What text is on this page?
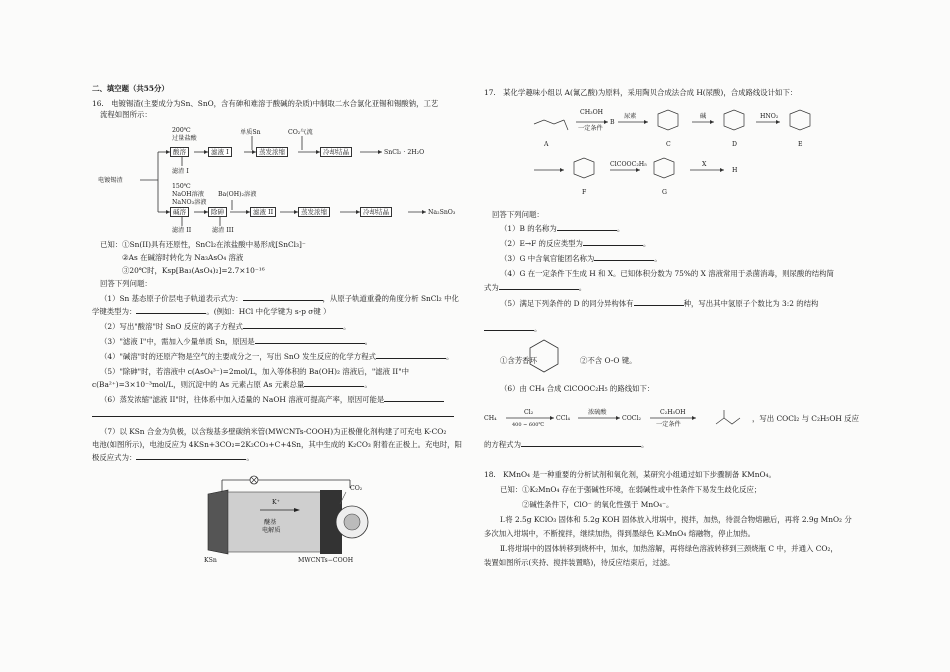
二、填空题（共55分）
16.　电镀锡渣(主要成分为Sn、SnO，含有砷和难溶于酸碱的杂质)中制取二水合氯化亚锡和锡酸钠，工艺
流程如图所示：
电镀锡渣
200℃
过量盐酸
酸溶	滤液 I
滤渣 I
单质Sn	CO₂气流
蒸发浓缩	冷却结晶	SnCl₂ · 2H₂O
150℃
NaOH溶液
NaNO₃溶液
Ba(OH)₂溶液
碱溶	除砷	滤液 II	蒸发浓缩	冷却结晶	Na₂SnO₃
滤渣 II	滤渣 III
已知：①Sn(II)具有还原性，SnCl₂在浓盐酸中易形成[SnCl₃]⁻
②As 在碱溶时转化为 Na₃AsO₄ 溶液
③20℃时，Ksp[Ba₃(AsO₄)₂]=2.7×10⁻¹⁶
回答下列问题：
（1）Sn 基态原子价层电子轨道表示式为：	，从原子轨道重叠的角度分析 SnCl₂ 中化
学键类型为：	。(例如：HCl 中化学键为 s-p σ键 ）
（2）写出"酸溶"时 SnO 反应的离子方程式	。
（3）"滤液 I"中，需加入少量单质 Sn，原因是	。
（4）"碱溶"时的还原产物是空气的主要成分之一，写出 SnO 发生反应的化学方程式	。
（5）"除砷"时，若溶液中 c(AsO₄³⁻)=2mol/L，加入等体积的 Ba(OH)₂ 溶液后，"滤液 II"中
c(Ba²⁺)=3×10⁻³mol/L，则沉淀中的 As 元素占原 As 元素总量	。
（6）蒸发浓缩"滤液 II"时，往体系中加入适量的 NaOH 溶液可提高产率，原因可能是
（7）以 KSn 合金为负极，以含羧基多壁碳纳米管(MWCNTs-COOH)为正极催化剂构建了可充电 K-CO₂
电池(如图所示)，电池反应为 4KSn+3CO₂=2K₂CO₃+C+4Sn，其中生成的 K₂CO₃ 附着在正极上。充电时，阳
极反应式为：	。
K⁺
醚基
电解质
CO₂
KSn	MWCNTs−COOH
17.　某化学趣味小组以 A(氰乙酸)为原料，采用陶贝合成法合成 H(尿酸)，合成路线设计如下：
CH₃OH
一定条件
B
尿素	碱	HNO₂
ClCOOC₂H₅	X
A	C	D	E
F	G
H
回答下列问题：
（1）B 的名称为	。
（2）E→F 的反应类型为	。
（3）G 中含氧官能团名称为	。
（4）G 在一定条件下生成 H 和 X。已知体积分数为 75%的 X 溶液常用于杀菌消毒，则尿酸的结构简
式为	。
（5）满足下列条件的 D 的同分异构体有	种，写出其中氢原子个数比为 3:2 的结构
。
①含芳香环	②不含 O-O 键。
（6）由 CH₄ 合成 ClCOOC₂H₅ 的路线如下：
CH₄
Cl₂
400 ~ 600℃
CCl₄
浓硫酸
COCl₂
C₂H₅OH
一定条件
，写出 COCl₂ 与 C₂H₅OH 反应
的方程式为	。
18.　KMnO₄ 是一种重要的分析试剂和氧化剂，某研究小组通过如下步骤制备 KMnO₄。
已知：①K₂MnO₄ 存在于强碱性环境，在弱碱性或中性条件下易发生歧化反应；
②碱性条件下，ClO⁻ 的氧化性强于 MnO₄⁻。
Ⅰ.将 2.5g KClO₃ 固体和 5.2g KOH 固体放入坩埚中，搅拌，加热，待混合物熔融后，再将 2.9g MnO₂ 分
多次加入坩埚中，不断搅拌，继续加热，得到墨绿色 K₂MnO₄ 熔融物，停止加热。
Ⅱ.将坩埚中的固体转移到烧杯中，加水，加热溶解，再将绿色溶液转移到三颈烧瓶 C 中，并通入 CO₂，
装置如图所示(夹持、搅拌装置略)，待反应结束后，过滤。
